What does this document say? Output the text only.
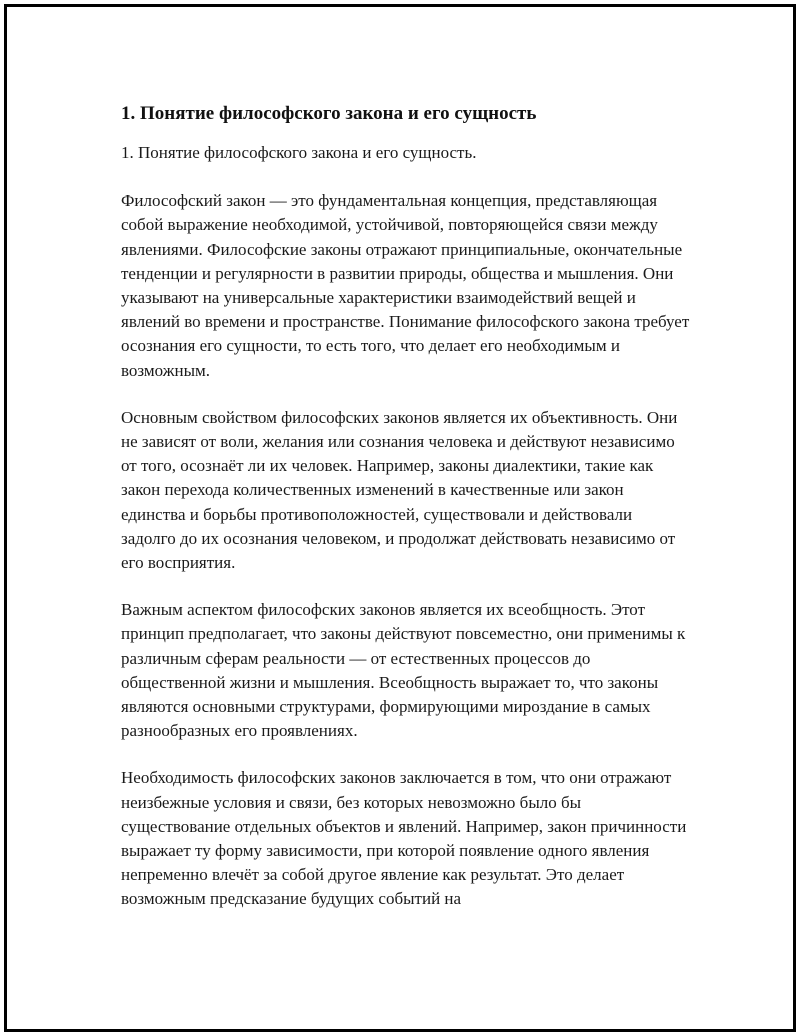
1. Понятие философского закона и его сущность

1. Понятие философского закона и его сущность.

Философский закон — это фундаментальная концепция, представляющая собой выражение необходимой, устойчивой, повторяющейся связи между явлениями. Философские законы отражают принципиальные, окончательные тенденции и регулярности в развитии природы, общества и мышления. Они указывают на универсальные характеристики взаимодействий вещей и явлений во времени и пространстве. Понимание философского закона требует осознания его сущности, то есть того, что делает его необходимым и возможным.

Основным свойством философских законов является их объективность. Они не зависят от воли, желания или сознания человека и действуют независимо от того, осознаёт ли их человек. Например, законы диалектики, такие как закон перехода количественных изменений в качественные или закон единства и борьбы противоположностей, существовали и действовали задолго до их осознания человеком, и продолжат действовать независимо от его восприятия.

Важным аспектом философских законов является их всеобщность. Этот принцип предполагает, что законы действуют повсеместно, они применимы к различным сферам реальности — от естественных процессов до общественной жизни и мышления. Всеобщность выражает то, что законы являются основными структурами, формирующими мироздание в самых разнообразных его проявлениях.

Необходимость философских законов заключается в том, что они отражают неизбежные условия и связи, без которых невозможно было бы существование отдельных объектов и явлений. Например, закон причинности выражает ту форму зависимости, при которой появление одного явления непременно влечёт за собой другое явление как результат. Это делает возможным предсказание будущих событий на
